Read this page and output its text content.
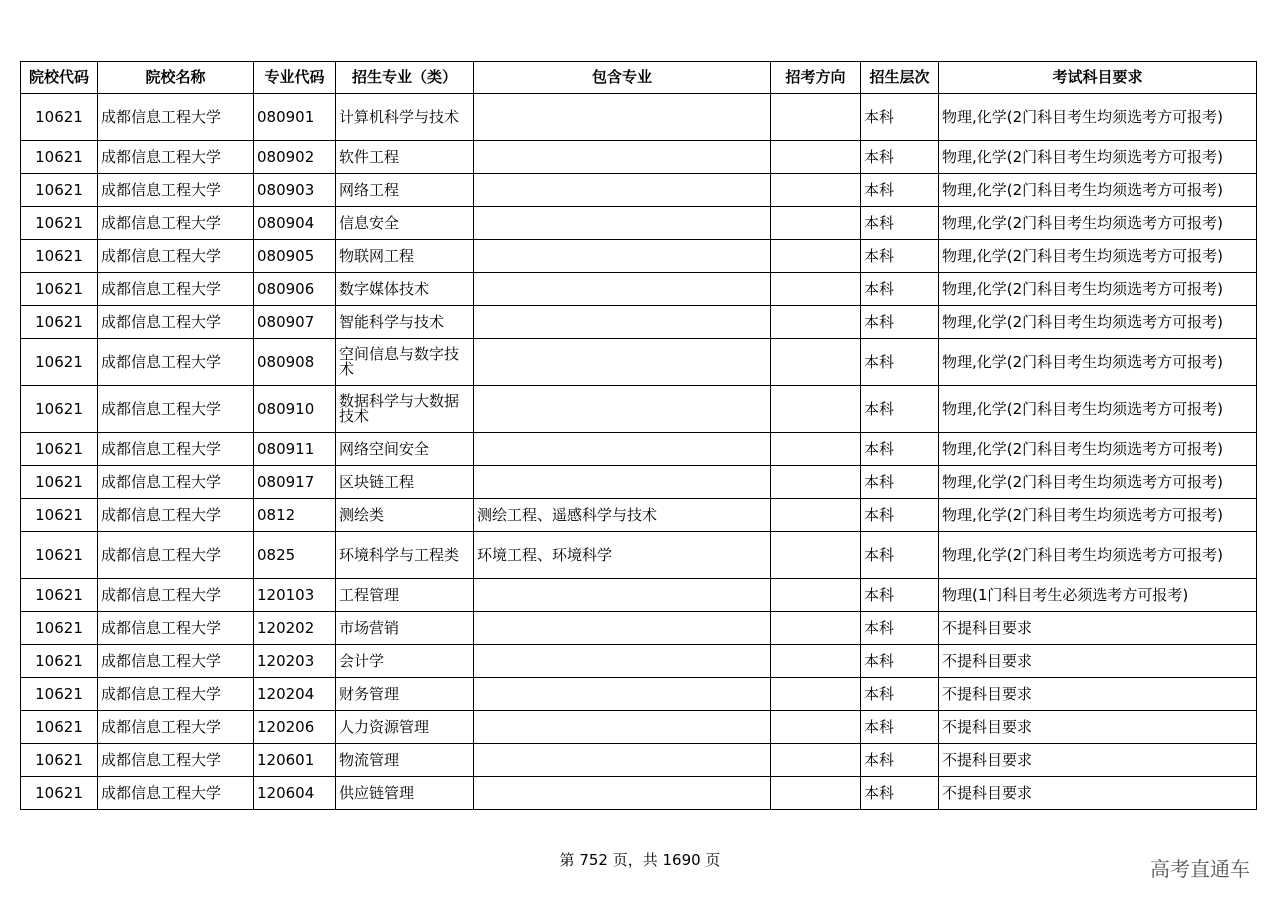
院校代码	院校名称	专业代码	招生专业（类）	包含专业	招考方向	招生层次	考试科目要求
10621	成都信息工程大学	080901	计算机科学与技术			本科	物理,化学(2门科目考生均须选考方可报考)
10621	成都信息工程大学	080902	软件工程			本科	物理,化学(2门科目考生均须选考方可报考)
10621	成都信息工程大学	080903	网络工程			本科	物理,化学(2门科目考生均须选考方可报考)
10621	成都信息工程大学	080904	信息安全			本科	物理,化学(2门科目考生均须选考方可报考)
10621	成都信息工程大学	080905	物联网工程			本科	物理,化学(2门科目考生均须选考方可报考)
10621	成都信息工程大学	080906	数字媒体技术			本科	物理,化学(2门科目考生均须选考方可报考)
10621	成都信息工程大学	080907	智能科学与技术			本科	物理,化学(2门科目考生均须选考方可报考)
10621	成都信息工程大学	080908	空间信息与数字技术			本科	物理,化学(2门科目考生均须选考方可报考)
10621	成都信息工程大学	080910	数据科学与大数据技术			本科	物理,化学(2门科目考生均须选考方可报考)
10621	成都信息工程大学	080911	网络空间安全			本科	物理,化学(2门科目考生均须选考方可报考)
10621	成都信息工程大学	080917	区块链工程			本科	物理,化学(2门科目考生均须选考方可报考)
10621	成都信息工程大学	0812	测绘类	测绘工程、遥感科学与技术		本科	物理,化学(2门科目考生均须选考方可报考)
10621	成都信息工程大学	0825	环境科学与工程类	环境工程、环境科学		本科	物理,化学(2门科目考生均须选考方可报考)
10621	成都信息工程大学	120103	工程管理			本科	物理(1门科目考生必须选考方可报考)
10621	成都信息工程大学	120202	市场营销			本科	不提科目要求
10621	成都信息工程大学	120203	会计学			本科	不提科目要求
10621	成都信息工程大学	120204	财务管理			本科	不提科目要求
10621	成都信息工程大学	120206	人力资源管理			本科	不提科目要求
10621	成都信息工程大学	120601	物流管理			本科	不提科目要求
10621	成都信息工程大学	120604	供应链管理			本科	不提科目要求
第 752 页，共 1690 页	高考直通车
